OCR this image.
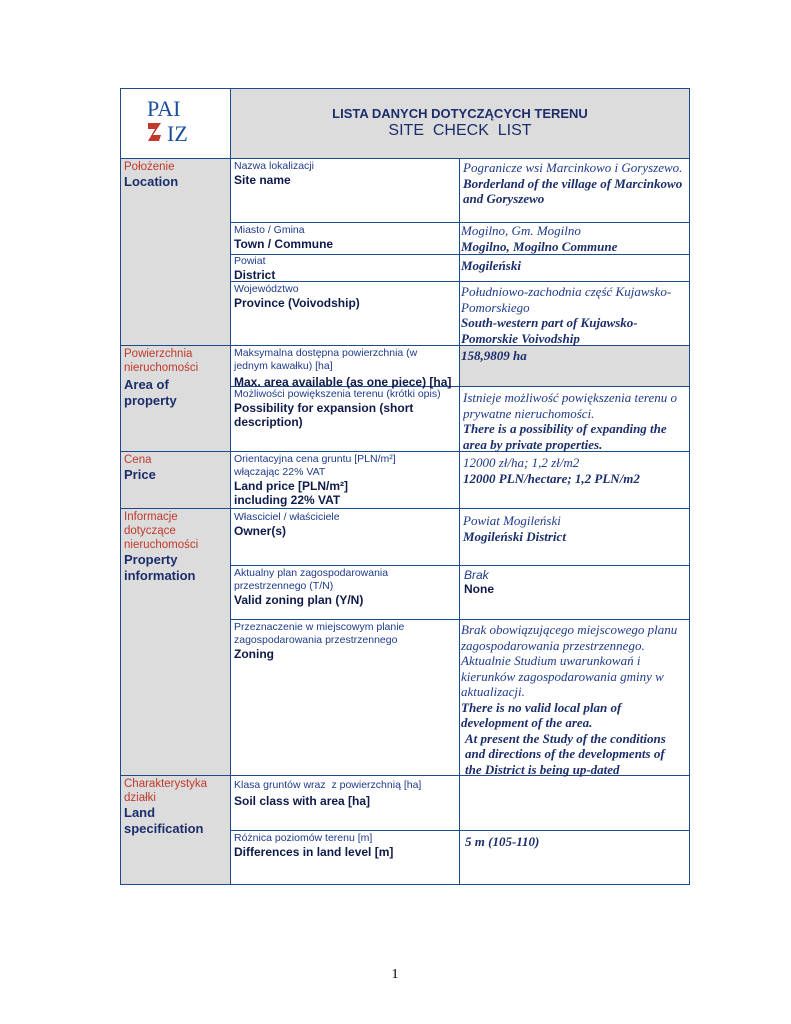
PAI
IZ
LISTA DANYCH DOTYCZĄCYCH TERENU
SITE  CHECK  LIST
Położenie
Location
Nazwa lokalizacji
Site name
Pogranicze wsi Marcinkowo i Goryszewo.
Borderland of the village of Marcinkowo and Goryszewo
Miasto / Gmina
Town / Commune
Mogilno, Gm. Mogilno
Mogilno, Mogilno Commune
Powiat
District
Mogileński
Województwo
Province (Voivodship)
Południowo-zachodnia część Kujawsko-Pomorskiego
South-western part of Kujawsko-Pomorskie Voivodship
Powierzchnia nieruchomości
Area of property
Maksymalna dostępna powierzchnia (w jednym kawałku) [ha]
Max. area available (as one piece) [ha]
158,9809 ha
Możliwości powiększenia terenu (krótki opis)
Possibility for expansion (short description)
Istnieje możliwość powiększenia terenu o prywatne nieruchomości.
There is a possibility of expanding the area by private properties.
Cena
Price
Orientacyjna cena gruntu [PLN/m²] włączając 22% VAT
Land price [PLN/m²]
including 22% VAT
12000 zł/ha; 1,2 zł/m2
12000 PLN/hectare; 1,2 PLN/m2
Informacje dotyczące nieruchomości
Property information
Własciciel / właściciele
Owner(s)
Powiat Mogileński
Mogileński District
Aktualny plan zagospodarowania przestrzennego (T/N)
Valid zoning plan (Y/N)
Brak
None
Przeznaczenie w miejscowym planie zagospodarowania przestrzennego
Zoning
Brak obowiązującego miejscowego planu zagospodarowania przestrzennego. Aktualnie Studium uwarunkowań i kierunków zagospodarowania gminy w aktualizacji.
There is no valid local plan of development of the area.
At present the Study of the conditions and directions of the developments of the District is being up-dated
Charakterystyka działki
Land specification
Klasa gruntów wraz  z powierzchnią [ha]
Soil class with area [ha]
Różnica poziomów terenu [m]
Differences in land level [m]
5 m (105-110)
1
